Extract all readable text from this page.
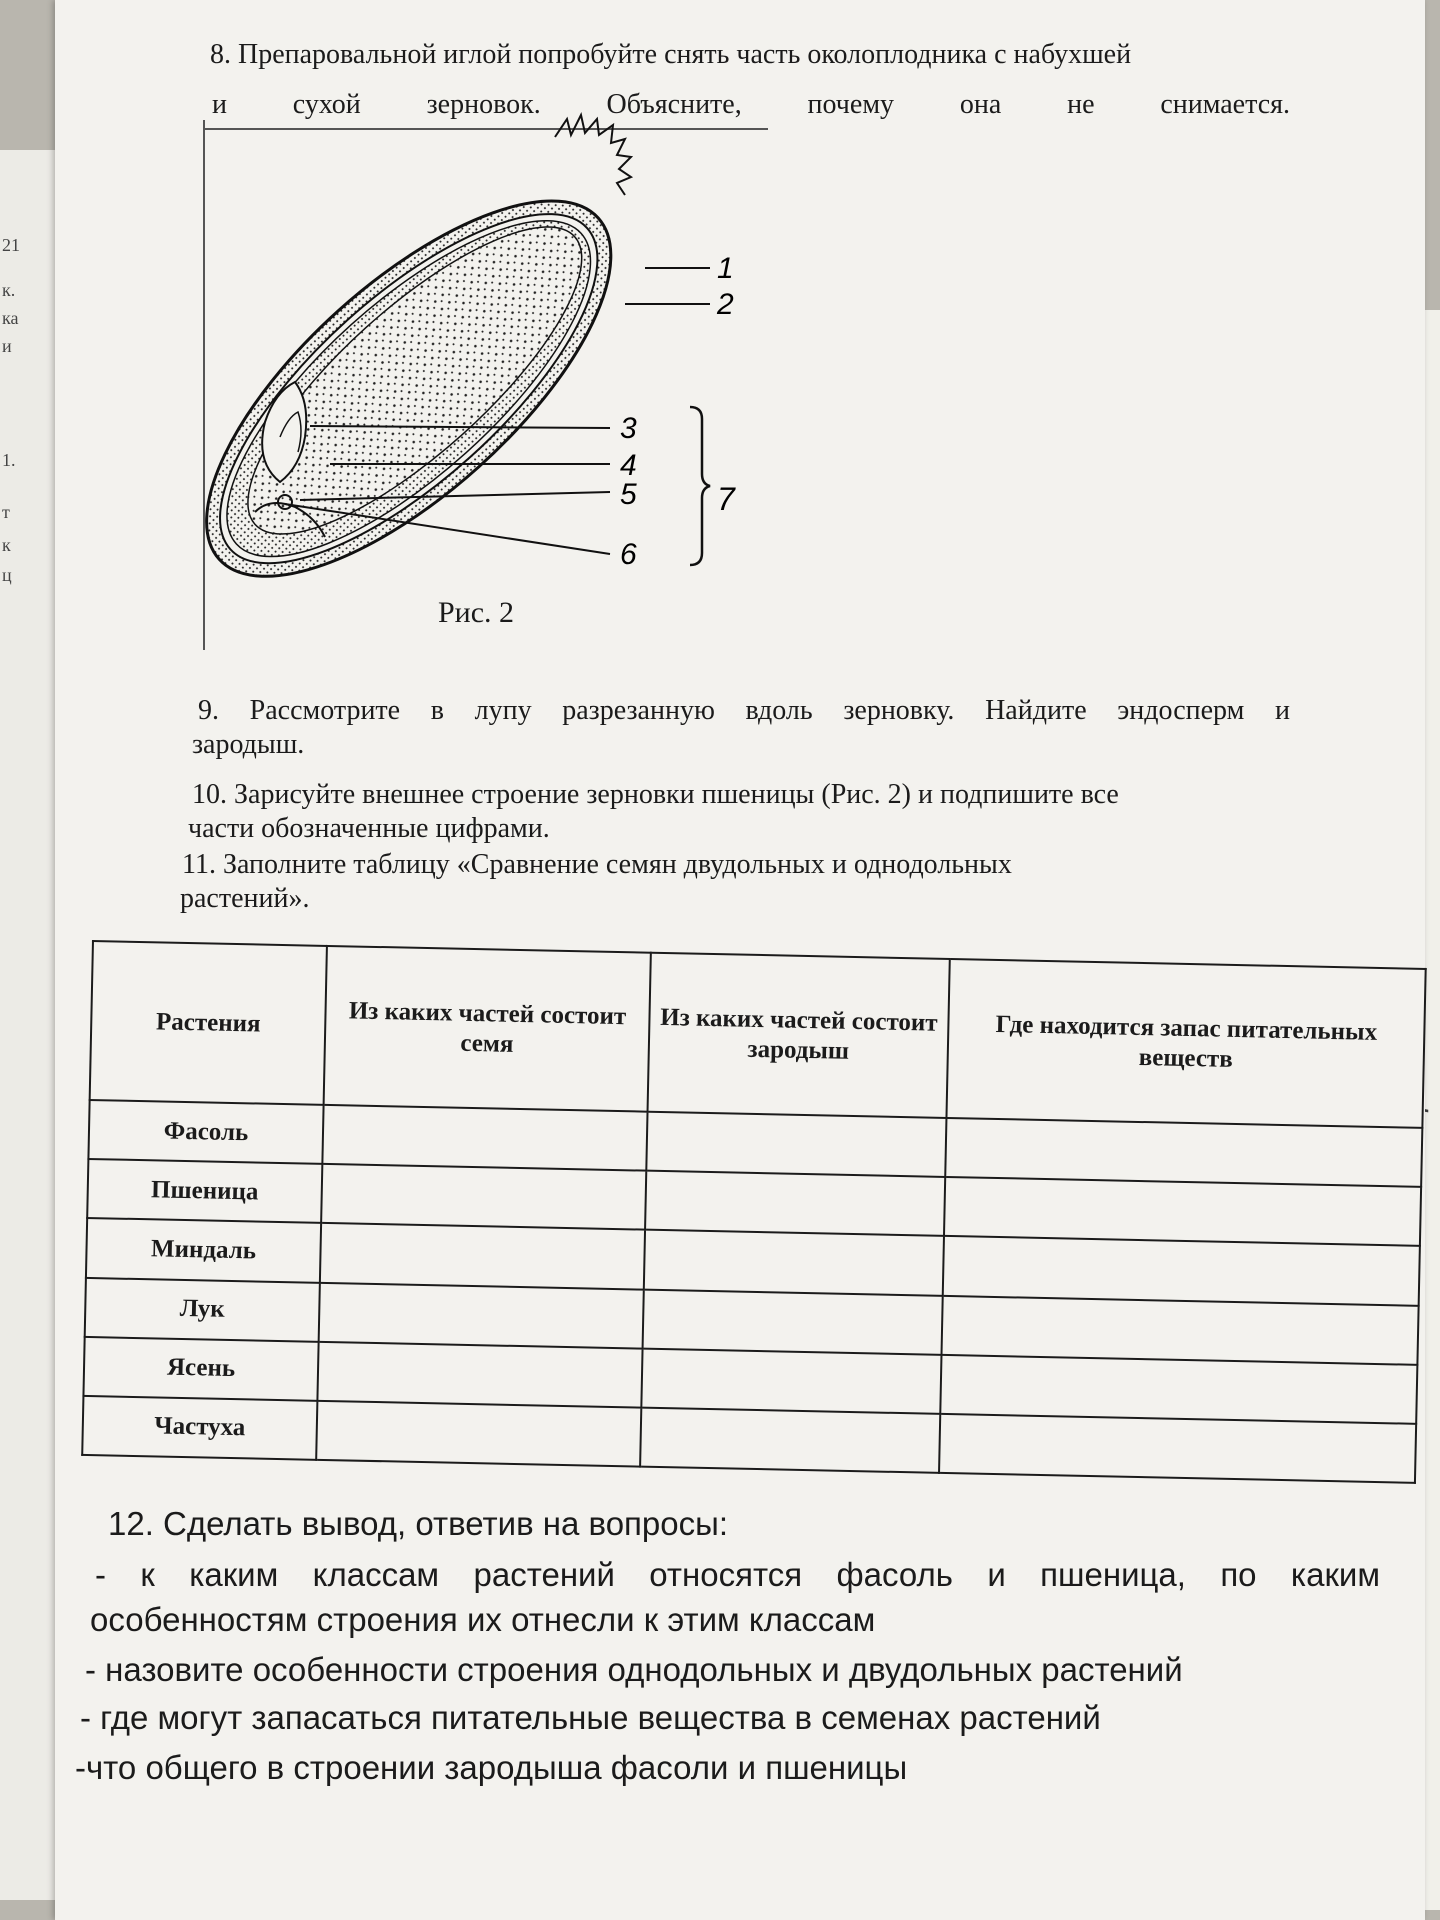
21
к.
ка
и
1.
т
к
ц

8. Препаровальной иглой попробуйте снять часть околоплодника с набухшей

и сухой зерновок. Объясните, почему она не снимается.

1
2
3
4
5
6
7
Рис. 2

9. Рассмотрите в лупу разрезанную вдоль зерновку. Найдите эндосперм и

зародыш.

10. Зарисуйте внешнее строение зерновки пшеницы (Рис. 2) и подпишите все

части обозначенные цифрами.

11. Заполните таблицу «Сравнение семян двудольных и однодольных

растений».

Растения	Из каких частей состоит семя	Из каких частей состоит зародыш	Где находится запас питательных веществ
Фасоль			
Пшеница			
Миндаль			
Лук			
Ясень			
Частуха			
12. Сделать вывод, ответив на вопросы:
- к каким классам растений относятся фасоль и пшеница, по каким
особенностям строения их отнесли к этим классам
- назовите особенности строения однодольных и двудольных растений
- где могут запасаться питательные вещества в семенах растений
-что общего в строении зародыша фасоли и пшеницы
